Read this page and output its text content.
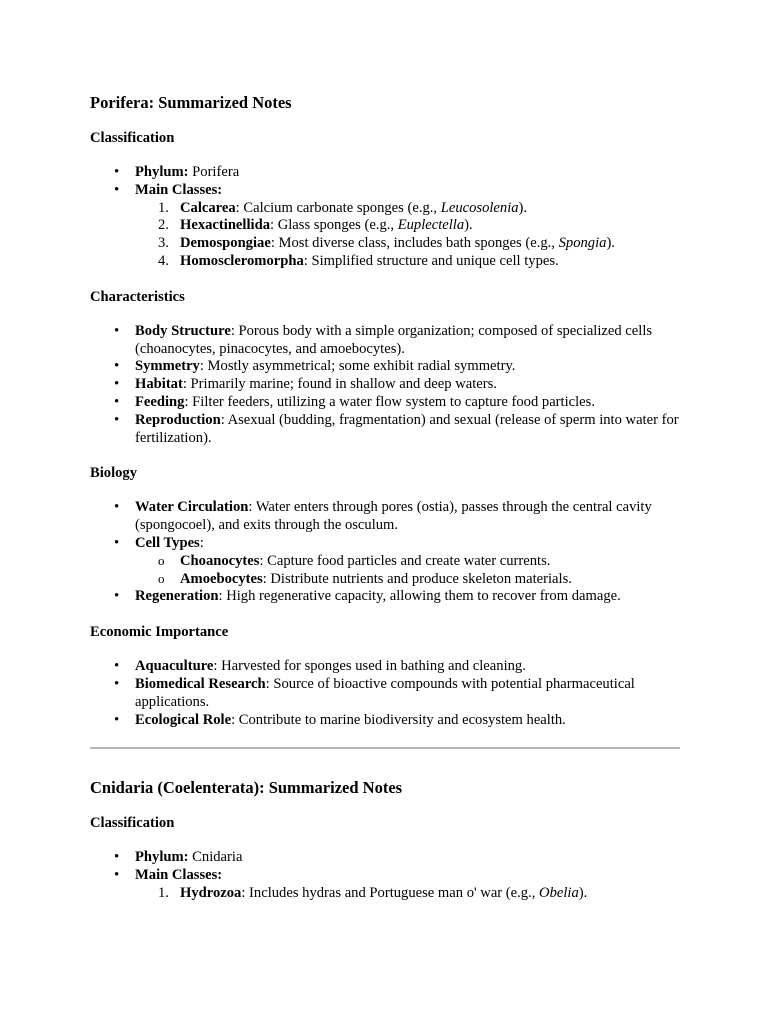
Porifera: Summarized Notes
Classification
• Phylum: Porifera
• Main Classes:
1. Calcarea: Calcium carbonate sponges (e.g., Leucosolenia).
2. Hexactinellida: Glass sponges (e.g., Euplectella).
3. Demospongiae: Most diverse class, includes bath sponges (e.g., Spongia).
4. Homoscleromorpha: Simplified structure and unique cell types.
Characteristics
• Body Structure: Porous body with a simple organization; composed of specialized cells (choanocytes, pinacocytes, and amoebocytes).
• Symmetry: Mostly asymmetrical; some exhibit radial symmetry.
• Habitat: Primarily marine; found in shallow and deep waters.
• Feeding: Filter feeders, utilizing a water flow system to capture food particles.
• Reproduction: Asexual (budding, fragmentation) and sexual (release of sperm into water for fertilization).
Biology
• Water Circulation: Water enters through pores (ostia), passes through the central cavity (spongocoel), and exits through the osculum.
• Cell Types:
o Choanocytes: Capture food particles and create water currents.
o Amoebocytes: Distribute nutrients and produce skeleton materials.
• Regeneration: High regenerative capacity, allowing them to recover from damage.
Economic Importance
• Aquaculture: Harvested for sponges used in bathing and cleaning.
• Biomedical Research: Source of bioactive compounds with potential pharmaceutical applications.
• Ecological Role: Contribute to marine biodiversity and ecosystem health.
Cnidaria (Coelenterata): Summarized Notes
Classification
• Phylum: Cnidaria
• Main Classes:
1. Hydrozoa: Includes hydras and Portuguese man o' war (e.g., Obelia).
